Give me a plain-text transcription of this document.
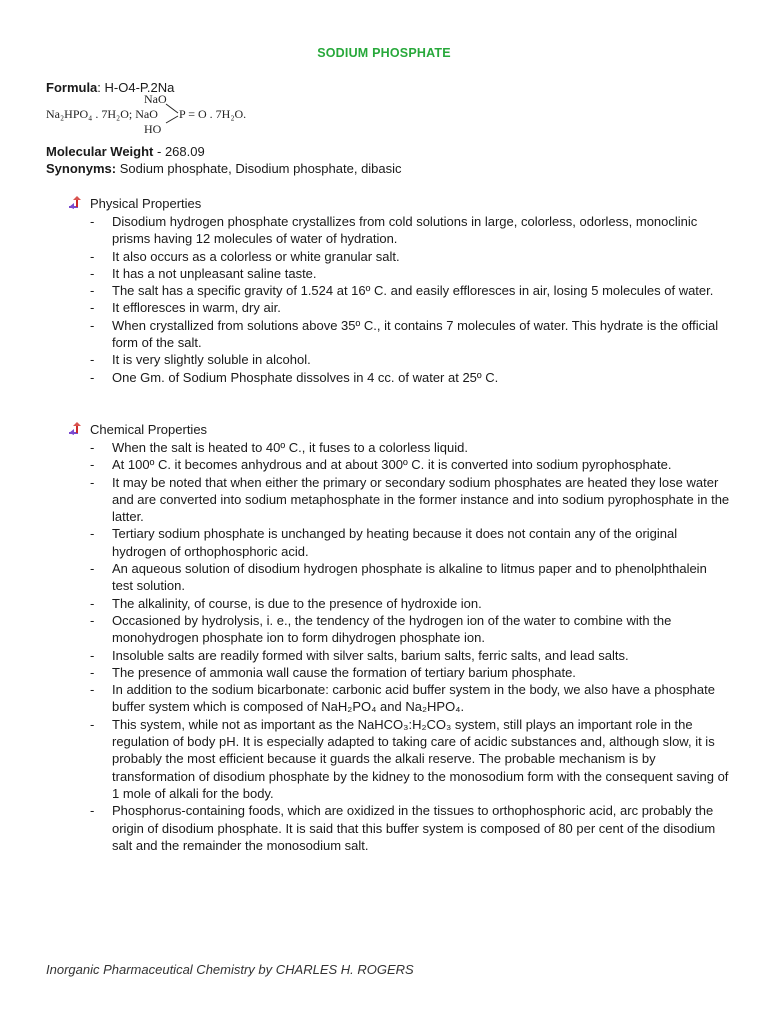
SODIUM PHOSPHATE
Formula: H-O4-P.2Na
Na₂HPO₄ . 7H₂O; NaO
NaO
HO
P = O . 7H₂O.
Molecular Weight - 268.09
Synonyms: Sodium phosphate, Disodium phosphate, dibasic
Physical Properties
- Disodium hydrogen phosphate crystallizes from cold solutions in large, colorless, odorless, monoclinic prisms having 12 molecules of water of hydration.
- It also occurs as a colorless or white granular salt.
- It has a not unpleasant saline taste.
- The salt has a specific gravity of 1.524 at 16º C. and easily effloresces in air, losing 5 molecules of water.
- It effloresces in warm, dry air.
- When crystallized from solutions above 35º C., it contains 7 molecules of water. This hydrate is the official form of the salt.
- It is very slightly soluble in alcohol.
- One Gm. of Sodium Phosphate dissolves in 4 cc. of water at 25º C.
Chemical Properties
- When the salt is heated to 40º C., it fuses to a colorless liquid.
- At 100º C. it becomes anhydrous and at about 300º C. it is converted into sodium pyrophosphate.
- It may be noted that when either the primary or secondary sodium phosphates are heated they lose water and are converted into sodium metaphosphate in the former instance and into sodium pyrophosphate in the latter.
- Tertiary sodium phosphate is unchanged by heating because it does not contain any of the original hydrogen of orthophosphoric acid.
- An aqueous solution of disodium hydrogen phosphate is alkaline to litmus paper and to phenolphthalein test solution.
- The alkalinity, of course, is due to the presence of hydroxide ion.
- Occasioned by hydrolysis, i. e., the tendency of the hydrogen ion of the water to combine with the monohydrogen phosphate ion to form dihydrogen phosphate ion.
- Insoluble salts are readily formed with silver salts, barium salts, ferric salts, and lead salts.
- The presence of ammonia wall cause the formation of tertiary barium phosphate.
- In addition to the sodium bicarbonate: carbonic acid buffer system in the body, we also have a phosphate buffer system which is composed of NaH₂PO₄ and Na₂HPO₄.
- This system, while not as important as the NaHCO₃:H₂CO₃ system, still plays an important role in the regulation of body pH. It is especially adapted to taking care of acidic substances and, although slow, it is probably the most efficient because it guards the alkali reserve. The probable mechanism is by transformation of disodium phosphate by the kidney to the monosodium form with the consequent saving of 1 mole of alkali for the body.
- Phosphorus-containing foods, which are oxidized in the tissues to orthophosphoric acid, arc probably the origin of disodium phosphate. It is said that this buffer system is composed of 80 per cent of the disodium salt and the remainder the monosodium salt.
Inorganic Pharmaceutical Chemistry by CHARLES H. ROGERS
